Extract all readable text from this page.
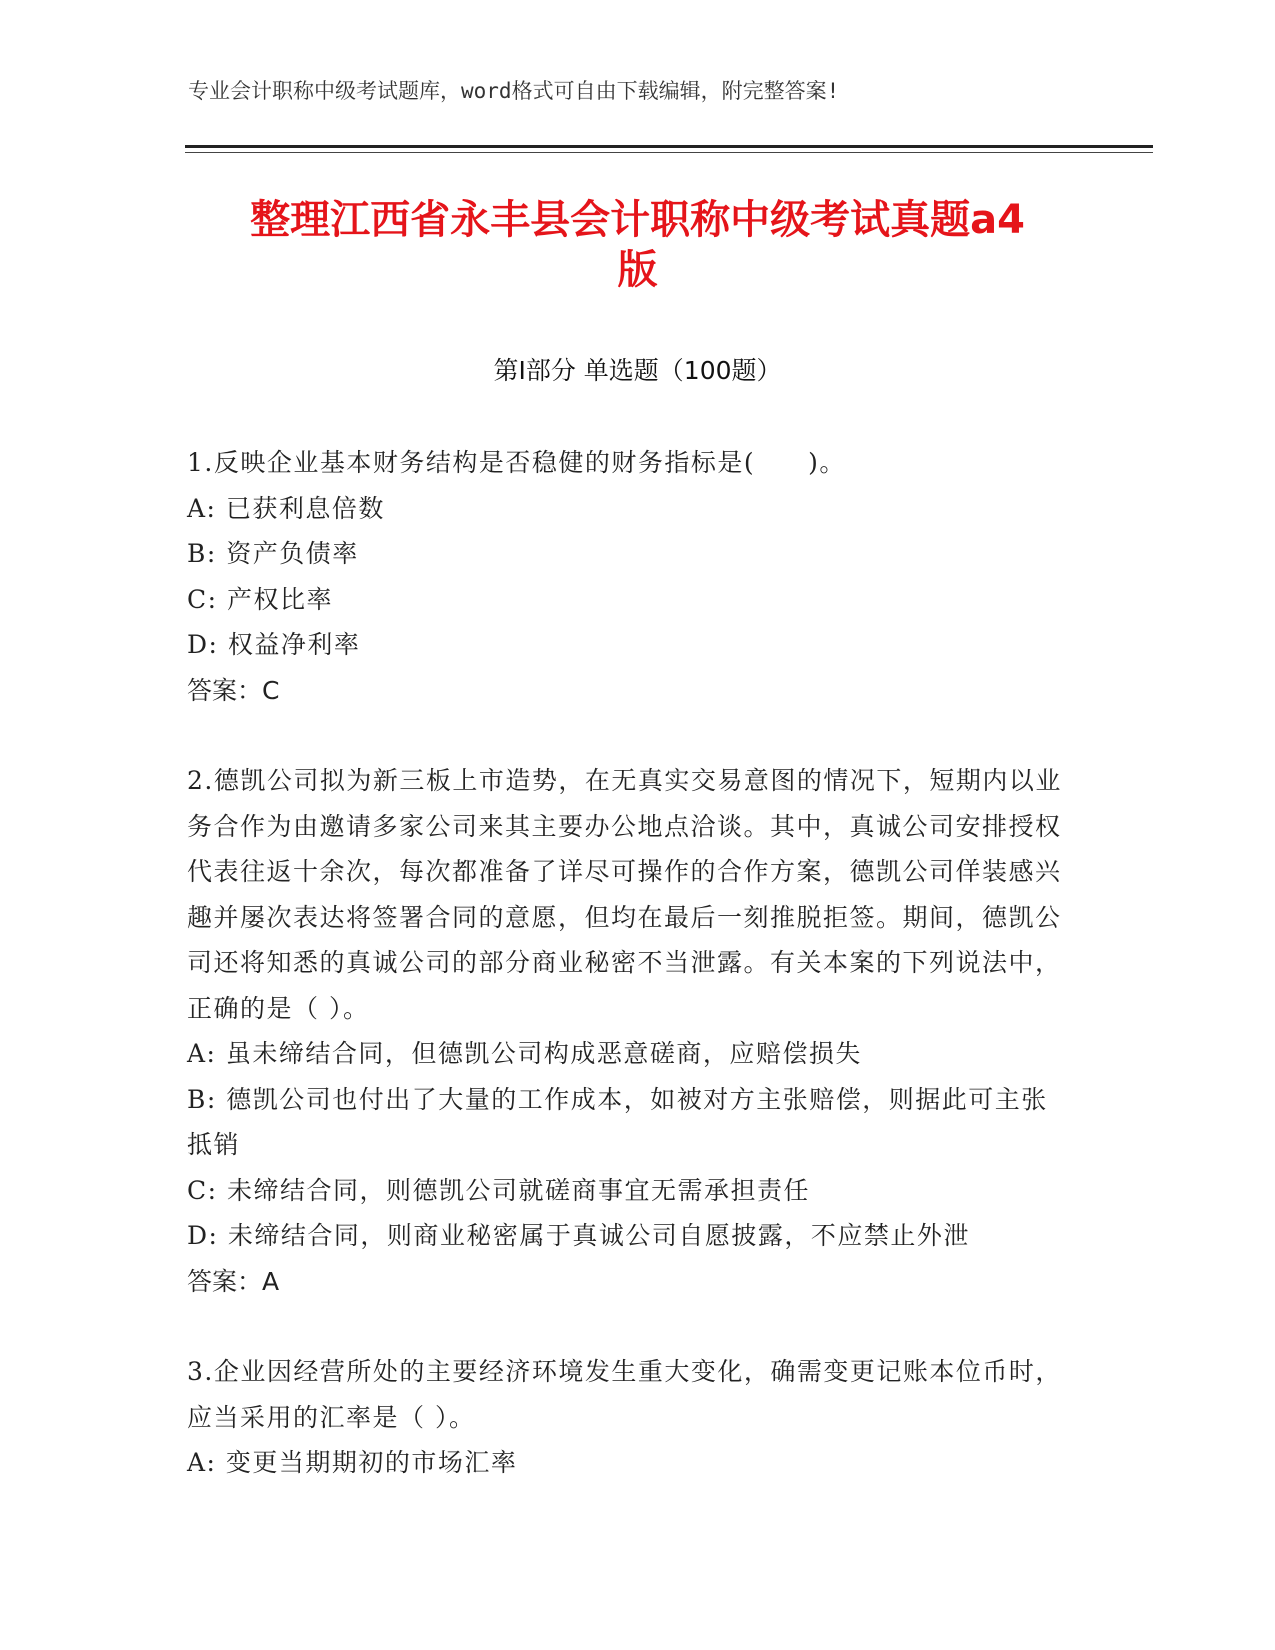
专业会计职称中级考试题库，word格式可自由下载编辑，附完整答案!
整理江西省永丰县会计职称中级考试真题a4
版
第I部分 单选题（100题）

1.反映企业基本财务结构是否稳健的财务指标是(　　)。

A: 已获利息倍数

B: 资产负债率

C: 产权比率

D: 权益净利率

答案：C

2.德凯公司拟为新三板上市造势，在无真实交易意图的情况下，短期内以业务合作为由邀请多家公司来其主要办公地点洽谈。其中，真诚公司安排授权代表往返十余次，每次都准备了详尽可操作的合作方案，德凯公司佯装感兴趣并屡次表达将签署合同的意愿，但均在最后一刻推脱拒签。期间，德凯公司还将知悉的真诚公司的部分商业秘密不当泄露。有关本案的下列说法中，正确的是（ ）。

A: 虽未缔结合同，但德凯公司构成恶意磋商，应赔偿损失

B: 德凯公司也付出了大量的工作成本，如被对方主张赔偿，则据此可主张抵销

C: 未缔结合同，则德凯公司就磋商事宜无需承担责任

D: 未缔结合同，则商业秘密属于真诚公司自愿披露，不应禁止外泄

答案：A

3.企业因经营所处的主要经济环境发生重大变化，确需变更记账本位币时，应当采用的汇率是（ ）。

A: 变更当期期初的市场汇率
